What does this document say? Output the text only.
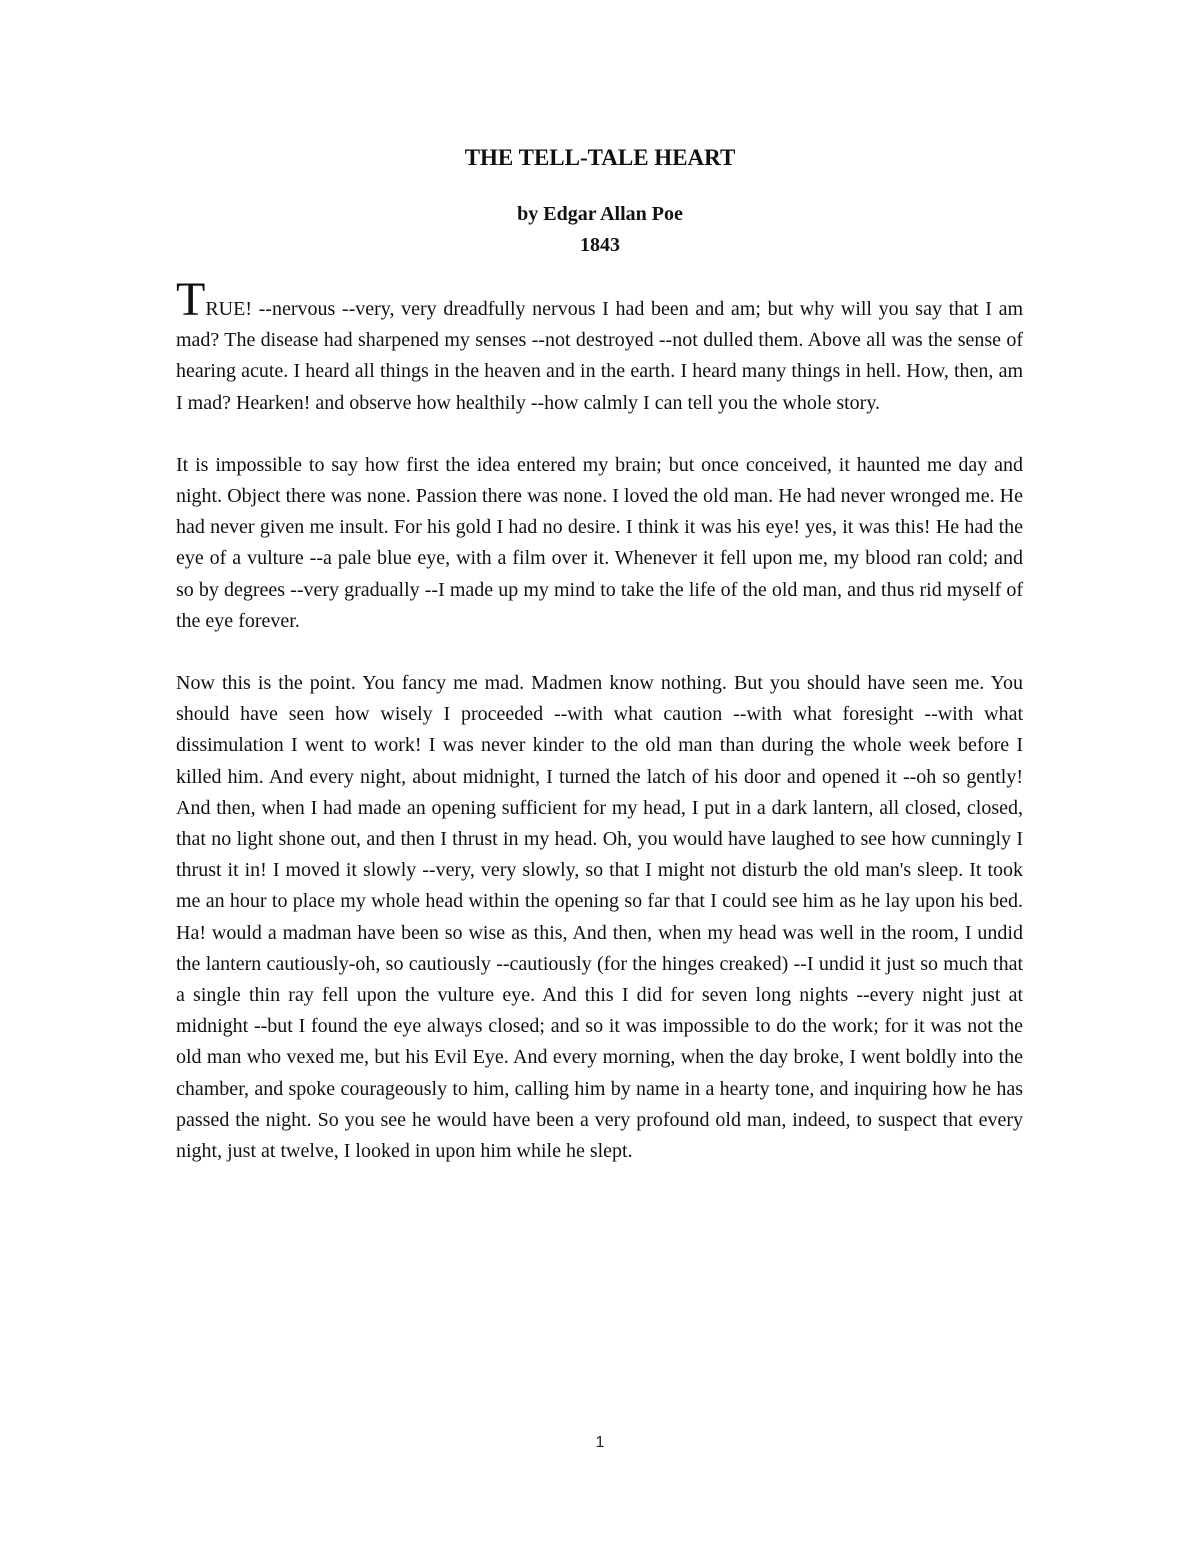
THE TELL-TALE HEART
by Edgar Allan Poe
1843

TRUE! --nervous --very, very dreadfully nervous I had been and am; but why will you say that I am mad? The disease had sharpened my senses --not destroyed --not dulled them. Above all was the sense of hearing acute. I heard all things in the heaven and in the earth. I heard many things in hell. How, then, am I mad? Hearken! and observe how healthily --how calmly I can tell you the whole story.

It is impossible to say how first the idea entered my brain; but once conceived, it haunted me day and night. Object there was none. Passion there was none. I loved the old man. He had never wronged me. He had never given me insult. For his gold I had no desire. I think it was his eye! yes, it was this! He had the eye of a vulture --a pale blue eye, with a film over it. Whenever it fell upon me, my blood ran cold; and so by degrees --very gradually --I made up my mind to take the life of the old man, and thus rid myself of the eye forever.

Now this is the point. You fancy me mad. Madmen know nothing. But you should have seen me. You should have seen how wisely I proceeded --with what caution --with what foresight --with what dissimulation I went to work! I was never kinder to the old man than during the whole week before I killed him. And every night, about midnight, I turned the latch of his door and opened it --oh so gently! And then, when I had made an opening sufficient for my head, I put in a dark lantern, all closed, closed, that no light shone out, and then I thrust in my head. Oh, you would have laughed to see how cunningly I thrust it in! I moved it slowly --very, very slowly, so that I might not disturb the old man's sleep. It took me an hour to place my whole head within the opening so far that I could see him as he lay upon his bed. Ha! would a madman have been so wise as this, And then, when my head was well in the room, I undid the lantern cautiously-oh, so cautiously --cautiously (for the hinges creaked) --I undid it just so much that a single thin ray fell upon the vulture eye. And this I did for seven long nights --every night just at midnight --but I found the eye always closed; and so it was impossible to do the work; for it was not the old man who vexed me, but his Evil Eye. And every morning, when the day broke, I went boldly into the chamber, and spoke courageously to him, calling him by name in a hearty tone, and inquiring how he has passed the night. So you see he would have been a very profound old man, indeed, to suspect that every night, just at twelve, I looked in upon him while he slept.

1
